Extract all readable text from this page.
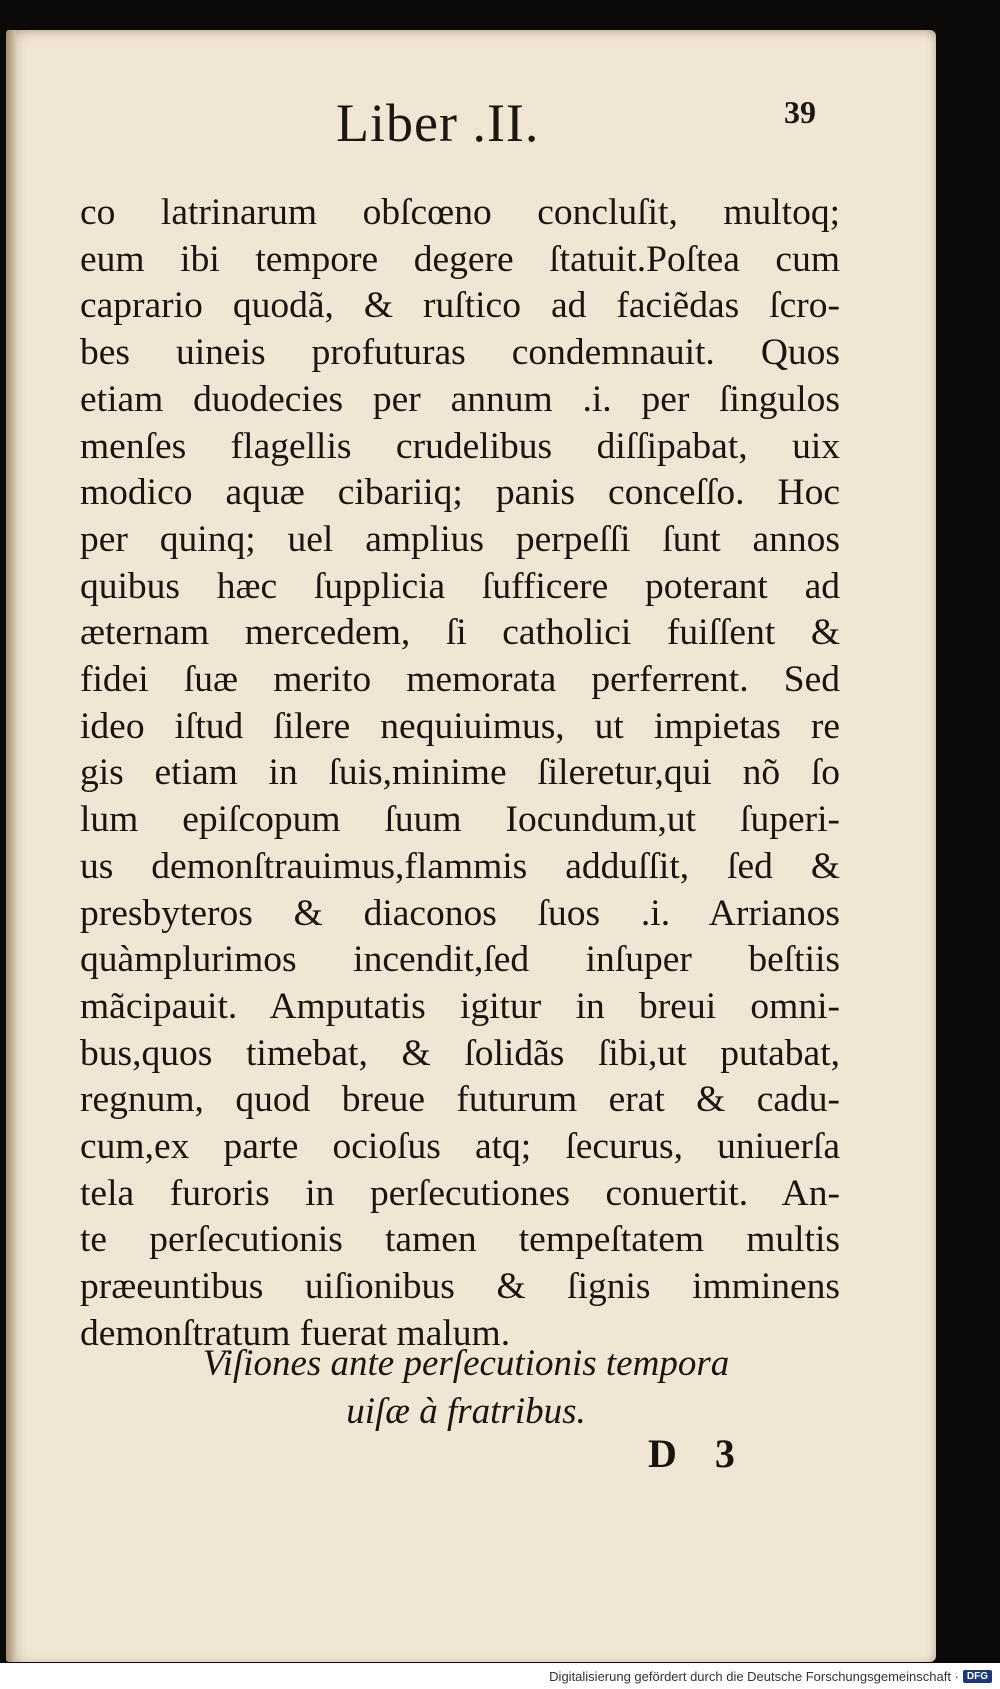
Liber .II.	39
co latrinarum obſcœno concluſit, multoq;
eum ibi tempore degere ſtatuit.Poſtea cum
caprario quodã, & ruſtico ad faciẽdas ſcro-
bes uineis profuturas condemnauit. Quos
etiam duodecies per annum .i. per ſingulos
menſes flagellis crudelibus diſſipabat, uix
modico aquæ cibariiq; panis conceſſo. Hoc
per quinq; uel amplius perpeſſi ſunt annos
quibus hæc ſupplicia ſufficere poterant ad
æternam mercedem, ſi catholici fuiſſent &
fidei ſuæ merito memorata perferrent. Sed
ideo iſtud ſilere nequiuimus, ut impietas re
gis etiam in ſuis,minime ſileretur,qui nõ ſo
lum epiſcopum ſuum Iocundum,ut ſuperi-
us demonſtrauimus,flammis adduſſit, ſed &
presbyteros & diaconos ſuos .i. Arrianos
quàmplurimos incendit,ſed inſuper beſtiis
mãcipauit. Amputatis igitur in breui omni-
bus,quos timebat, & ſolidãs ſibi,ut putabat,
regnum, quod breue futurum erat & cadu-
cum,ex parte ocioſus atq; ſecurus, uniuerſa
tela furoris in perſecutiones conuertit. An-
te perſecutionis tamen tempeſtatem multis
præeuntibus uiſionibus & ſignis imminens
demonſtratum fuerat malum.
Viſiones ante perſecutionis tempora
uiſæ à fratribus.
D 3
Digitalisierung gefördert durch die Deutsche Forschungsgemeinschaft · DFG
